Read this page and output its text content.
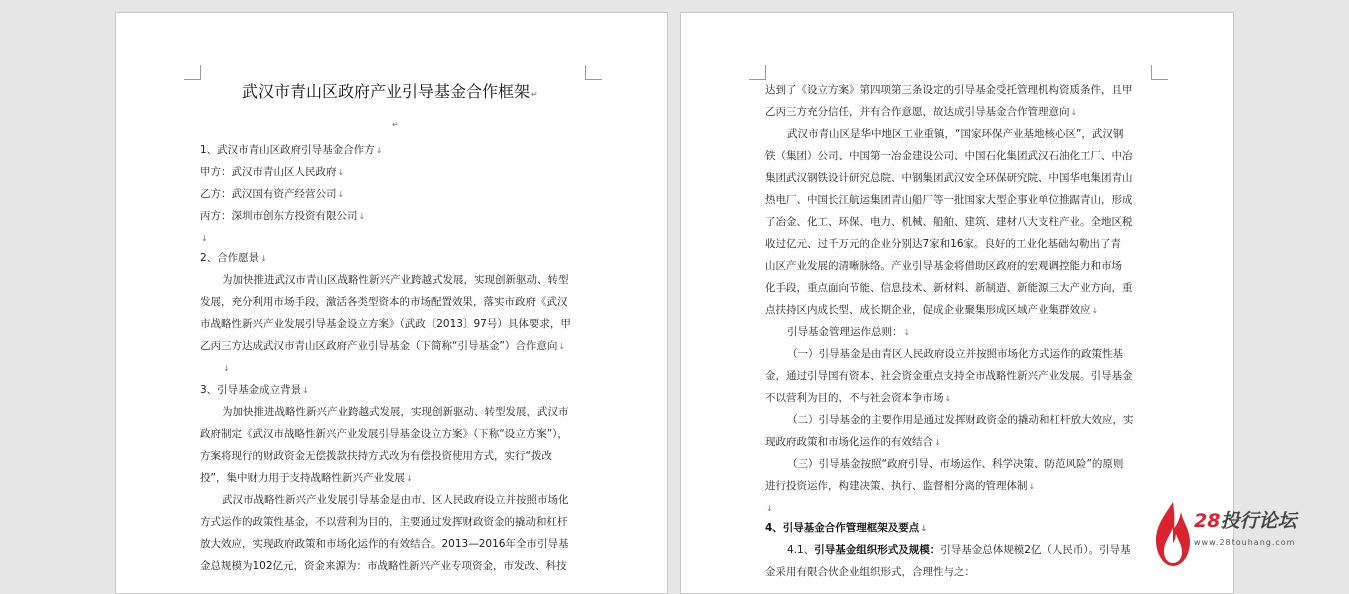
武汉市青山区政府产业引导基金合作框架↵

↵

1、武汉市青山区政府引导基金合作方↓

甲方：武汉市青山区人民政府↓

乙方：武汉国有资产经营公司↓

丙方：深圳市创东方投资有限公司↓

↓

2、合作愿景↓

为加快推进武汉市青山区战略性新兴产业跨越式发展，实现创新驱动、转型

发展，充分利用市场手段，激活各类型资本的市场配置效果，落实市政府《武汉

市战略性新兴产业发展引导基金设立方案》（武政〔2013〕97号）具体要求，甲

乙丙三方达成武汉市青山区政府产业引导基金（下简称“引导基金”）合作意向↓

↓

3、引导基金成立背景↓

为加快推进战略性新兴产业跨越式发展，实现创新驱动、转型发展，武汉市

政府制定《武汉市战略性新兴产业发展引导基金设立方案》（下称“设立方案”），

方案将现行的财政资金无偿拨款扶持方式改为有偿投资使用方式，实行“拨改

投”，集中财力用于支持战略性新兴产业发展↓

武汉市战略性新兴产业发展引导基金是由市、区人民政府设立并按照市场化

方式运作的政策性基金，不以营利为目的，主要通过发挥财政资金的撬动和杠杆

放大效应，实现政府政策和市场化运作的有效结合。2013—2016年全市引导基

金总规模为102亿元，资金来源为：市战略性新兴产业专项资金，市发改、科技

达到了《设立方案》第四项第三条设定的引导基金受托管理机构资质条件，且甲

乙丙三方充分信任，并有合作意愿，故达成引导基金合作管理意向↓

武汉市青山区是华中地区工业重镇，“国家环保产业基地核心区”，武汉钢

铁（集团）公司、中国第一冶金建设公司、中国石化集团武汉石油化工厂、中冶

集团武汉钢铁设计研究总院、中钢集团武汉安全环保研究院、中国华电集团青山

热电厂、中国长江航运集团青山船厂等一批国家大型企事业单位推踞青山，形成

了冶金、化工、环保、电力、机械、船舶、建筑、建材八大支柱产业。全地区税

收过亿元、过千万元的企业分别达7家和16家。良好的工业化基础勾勒出了青

山区产业发展的清晰脉络。产业引导基金将借助区政府的宏观调控能力和市场

化手段，重点面向节能、信息技术、新材料、新制造、新能源三大产业方向，重

点扶持区内成长型、成长期企业，促成企业聚集形成区域产业集群效应↓

引导基金管理运作总则：↓

（一）引导基金是由青区人民政府设立并按照市场化方式运作的政策性基

金，通过引导国有资本、社会资金重点支持全市战略性新兴产业发展。引导基金

不以营利为目的，不与社会资本争市场↓

（二）引导基金的主要作用是通过发挥财政资金的撬动和杠杆放大效应，实

现政府政策和市场化运作的有效结合↓

（三）引导基金按照“政府引导、市场运作、科学决策、防范风险”的原则

进行投资运作，构建决策、执行、监督相分离的管理体制↓

↓

4、引导基金合作管理框架及要点↓

4.1、引导基金组织形式及规模：引导基金总体规模2亿（人民币）。引导基

金采用有限合伙企业组织形式，合理性与之：

28投行论坛
www.28touhang.com
